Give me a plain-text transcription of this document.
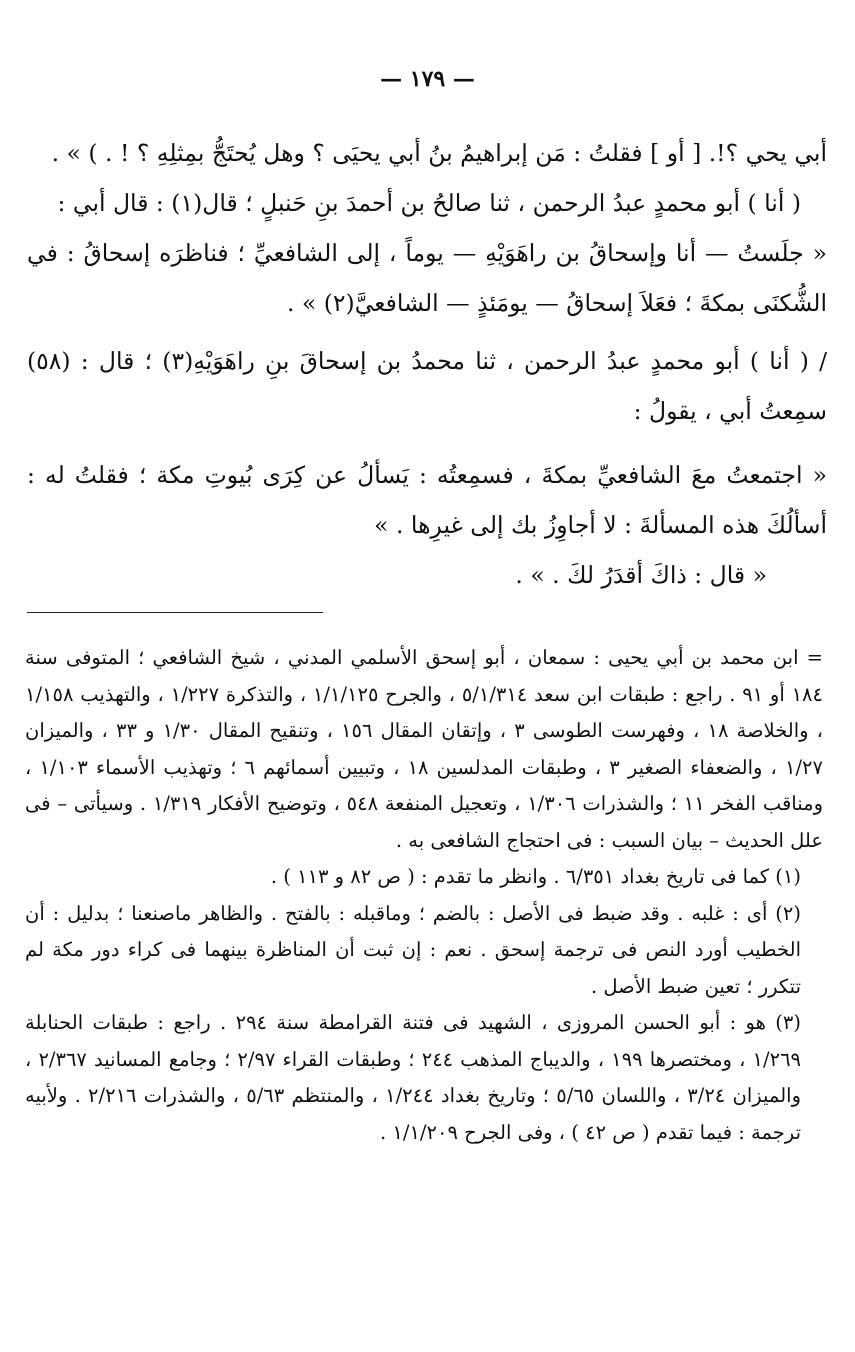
— ١٧٩ —

أبي يحي ؟!. [ أو ] فقلتُ : مَن إبراهيمُ بنُ أبي يحيَى ؟ وهل يُحتَجُّ بمِثلِهِ ؟ ! . ) » .

( أنا ) أبو محمدٍ عبدُ الرحمن ، ثنا صالحُ بن أحمدَ بنِ حَنبلٍ ؛ قال(١) : قال أبي :

« جلَستُ — أنا وإسحاقُ بن راهَوَيْهِ — يوماً ، إلى الشافعيِّ ؛ فناظرَه إسحاقُ : في الشُّكنَى بمكةَ ؛ فعَلاَ إسحاقُ — يومَئذٍ — الشافعيَّ(٢) » .

/ ( أنا ) أبو محمدٍ عبدُ الرحمن ، ثنا محمدُ بن إسحاقَ بنِ راهَوَيْهِ(٣) ؛ قال : (٥٨) سمِعتُ أبي ، يقولُ :

« اجتمعتُ معَ الشافعيِّ بمكةَ ، فسمِعتُه : يَسألُ عن كِرَى بُيوتِ مكة ؛ فقلتُ له : أسألُكَ هذه المسألةَ : لا أجاوِزُ بك إلى غيرِها . »

« قال : ذاكَ أقدَرُ لكَ . » .

= ابن محمد بن أبي يحيى : سمعان ، أبو إسحق الأسلمي المدني ، شيخ الشافعي ؛ المتوفى سنة ١٨٤ أو ٩١ . راجع : طبقات ابن سعد ٥/١/٣١٤ ، والجرح ١/١/١٢٥ ، والتذكرة ١/٢٢٧ ، والتهذيب ١/١٥٨ ، والخلاصة ١٨ ، وفهرست الطوسى ٣ ، وإتقان المقال ١٥٦ ، وتنقيح المقال ١/٣٠ و ٣٣ ، والميزان ١/٢٧ ، والضعفاء الصغير ٣ ، وطبقات المدلسين ١٨ ، وتبيين أسمائهم ٦ ؛ وتهذيب الأسماء ١/١٠٣ ، ومناقب الفخر ١١ ؛ والشذرات ١/٣٠٦ ، وتعجيل المنفعة ٥٤٨ ، وتوضيح الأفكار ١/٣١٩ . وسيأتى – فى علل الحديث – بيان السبب : فى احتجاج الشافعى به .

(١) كما فى تاريخ بغداد ٦/٣٥١ . وانظر ما تقدم : ( ص ٨٢ و ١١٣ ) .

(٢) أى : غلبه . وقد ضبط فى الأصل : بالضم ؛ وماقبله : بالفتح . والظاهر ماصنعنا ؛ بدليل : أن الخطيب أورد النص فى ترجمة إسحق . نعم : إن ثبت أن المناظرة بينهما فى كراء دور مكة لم تتكرر ؛ تعين ضبط الأصل .

(٣) هو : أبو الحسن المروزى ، الشهيد فى فتنة القرامطة سنة ٢٩٤ . راجع : طبقات الحنابلة ١/٢٦٩ ، ومختصرها ١٩٩ ، والديباج المذهب ٢٤٤ ؛ وطبقات القراء ٢/٩٧ ؛ وجامع المسانيد ٢/٣٦٧ ، والميزان ٣/٢٤ ، واللسان ٥/٦٥ ؛ وتاريخ بغداد ١/٢٤٤ ، والمنتظم ٥/٦٣ ، والشذرات ٢/٢١٦ . ولأبيه ترجمة : فيما تقدم ( ص ٤٢ ) ، وفى الجرح ١/١/٢٠٩ .
